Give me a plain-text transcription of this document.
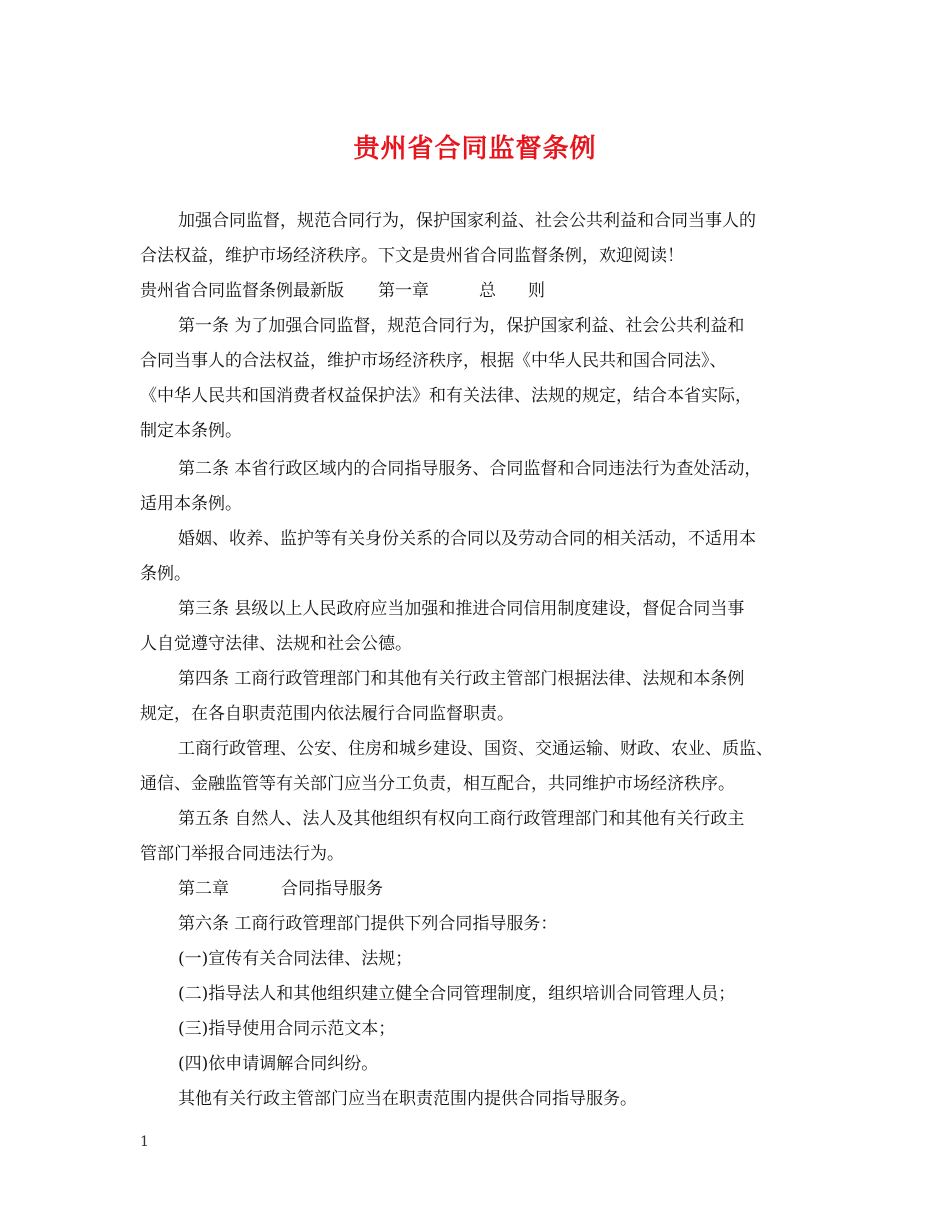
贵州省合同监督条例
加强合同监督，规范合同行为，保护国家利益、社会公共利益和合同当事人的
合法权益，维护市场经济秩序。下文是贵州省合同监督条例，欢迎阅读！
贵州省合同监督条例最新版 第一章	总 则
第一条 为了加强合同监督，规范合同行为，保护国家利益、社会公共利益和
合同当事人的合法权益，维护市场经济秩序，根据《中华人民共和国合同法》、
《中华人民共和国消费者权益保护法》和有关法律、法规的规定，结合本省实际，
制定本条例。
第二条 本省行政区域内的合同指导服务、合同监督和合同违法行为查处活动，
适用本条例。
婚姻、收养、监护等有关身份关系的合同以及劳动合同的相关活动，不适用本
条例。
第三条 县级以上人民政府应当加强和推进合同信用制度建设，督促合同当事
人自觉遵守法律、法规和社会公德。
第四条 工商行政管理部门和其他有关行政主管部门根据法律、法规和本条例
规定，在各自职责范围内依法履行合同监督职责。
工商行政管理、公安、住房和城乡建设、国资、交通运输、财政、农业、质监、
通信、金融监管等有关部门应当分工负责，相互配合，共同维护市场经济秩序。
第五条 自然人、法人及其他组织有权向工商行政管理部门和其他有关行政主
管部门举报合同违法行为。
第二章	合同指导服务
第六条 工商行政管理部门提供下列合同指导服务：
(一)宣传有关合同法律、法规；
(二)指导法人和其他组织建立健全合同管理制度，组织培训合同管理人员；
(三)指导使用合同示范文本；
(四)依申请调解合同纠纷。
其他有关行政主管部门应当在职责范围内提供合同指导服务。
1
